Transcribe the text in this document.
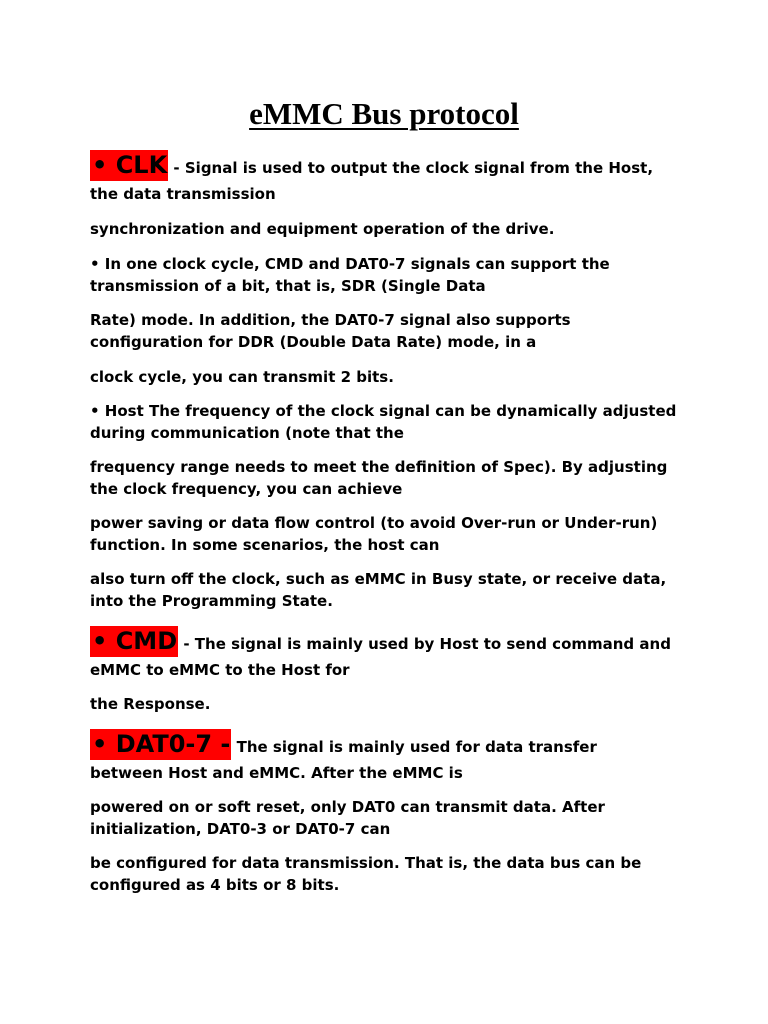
eMMC Bus protocol
• CLK - Signal is used to output the clock signal from the Host,
the data transmission
synchronization and equipment operation of the drive.
• In one clock cycle, CMD and DAT0-7 signals can support the
transmission of a bit, that is, SDR (Single Data
Rate) mode. In addition, the DAT0-7 signal also supports
configuration for DDR (Double Data Rate) mode, in a
clock cycle, you can transmit 2 bits.
• Host The frequency of the clock signal can be dynamically adjusted
during communication (note that the
frequency range needs to meet the definition of Spec). By adjusting
the clock frequency, you can achieve
power saving or data flow control (to avoid Over-run or Under-run)
function. In some scenarios, the host can
also turn off the clock, such as eMMC in Busy state, or receive data,
into the Programming State.
• CMD - The signal is mainly used by Host to send command and
eMMC to eMMC to the Host for
the Response.
• DAT0-7 - The signal is mainly used for data transfer
between Host and eMMC. After the eMMC is
powered on or soft reset, only DAT0 can transmit data. After
initialization, DAT0-3 or DAT0-7 can
be configured for data transmission. That is, the data bus can be
configured as 4 bits or 8 bits.
